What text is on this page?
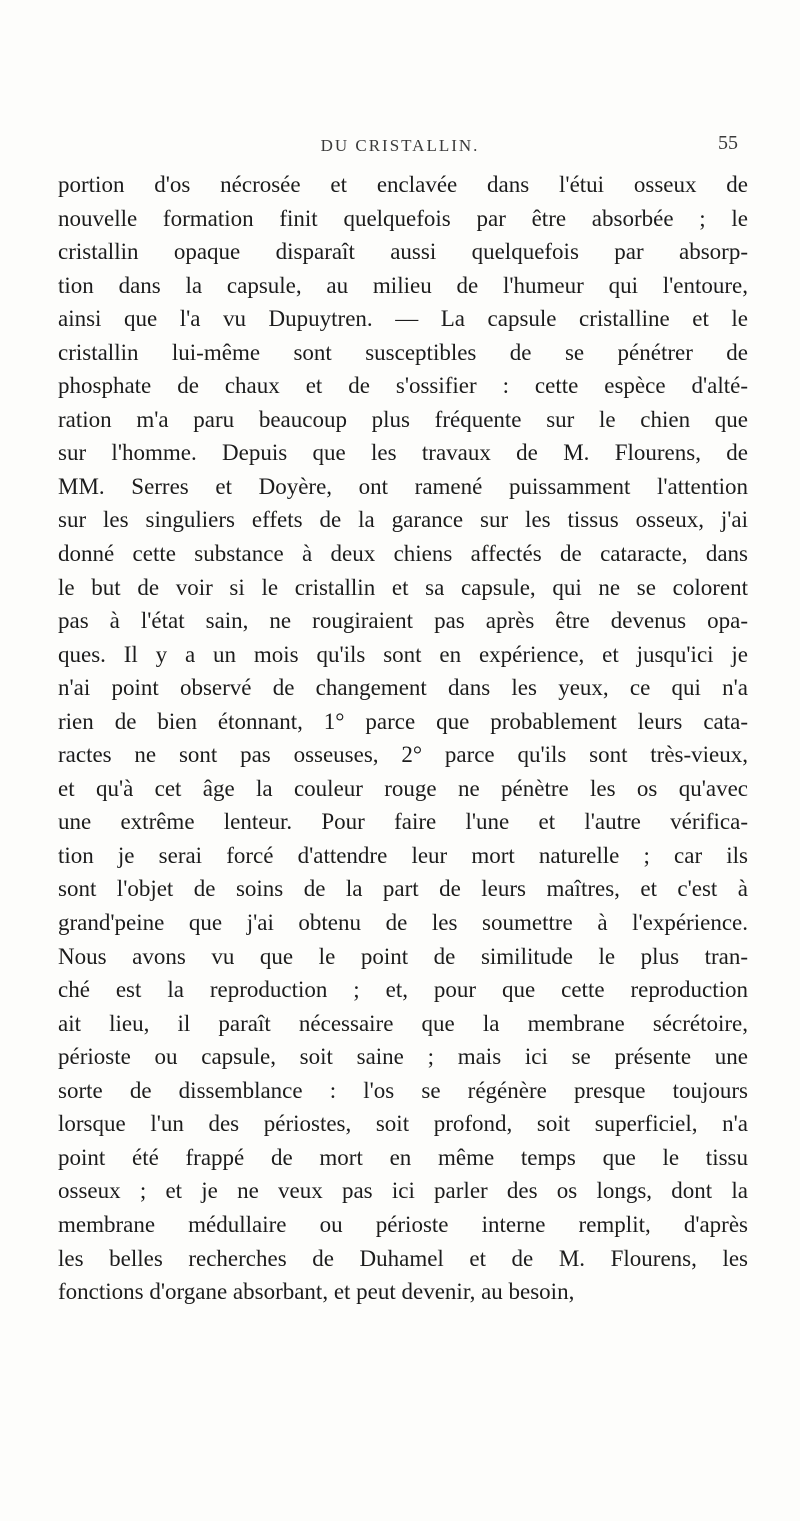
DU CRISTALLIN.	55
portion d'os nécrosée et enclavée dans l'étui osseux de
nouvelle formation finit quelquefois par être absorbée ; le
cristallin opaque disparaît aussi quelquefois par absorp-
tion dans la capsule, au milieu de l'humeur qui l'entoure,
ainsi que l'a vu Dupuytren. — La capsule cristalline et le
cristallin lui-même sont susceptibles de se pénétrer de
phosphate de chaux et de s'ossifier : cette espèce d'alté-
ration m'a paru beaucoup plus fréquente sur le chien que
sur l'homme. Depuis que les travaux de M. Flourens, de
MM. Serres et Doyère, ont ramené puissamment l'attention
sur les singuliers effets de la garance sur les tissus osseux, j'ai
donné cette substance à deux chiens affectés de cataracte, dans
le but de voir si le cristallin et sa capsule, qui ne se colorent
pas à l'état sain, ne rougiraient pas après être devenus opa-
ques. Il y a un mois qu'ils sont en expérience, et jusqu'ici je
n'ai point observé de changement dans les yeux, ce qui n'a
rien de bien étonnant, 1° parce que probablement leurs cata-
ractes ne sont pas osseuses, 2° parce qu'ils sont très-vieux,
et qu'à cet âge la couleur rouge ne pénètre les os qu'avec
une extrême lenteur. Pour faire l'une et l'autre vérifica-
tion je serai forcé d'attendre leur mort naturelle ; car ils
sont l'objet de soins de la part de leurs maîtres, et c'est à
grand'peine que j'ai obtenu de les soumettre à l'expérience.
Nous avons vu que le point de similitude le plus tran-
ché est la reproduction ; et, pour que cette reproduction
ait lieu, il paraît nécessaire que la membrane sécrétoire,
périoste ou capsule, soit saine ; mais ici se présente une
sorte de dissemblance : l'os se régénère presque toujours
lorsque l'un des périostes, soit profond, soit superficiel, n'a
point été frappé de mort en même temps que le tissu
osseux ; et je ne veux pas ici parler des os longs, dont la
membrane médullaire ou périoste interne remplit, d'après
les belles recherches de Duhamel et de M. Flourens, les
fonctions d'organe absorbant, et peut devenir, au besoin,
